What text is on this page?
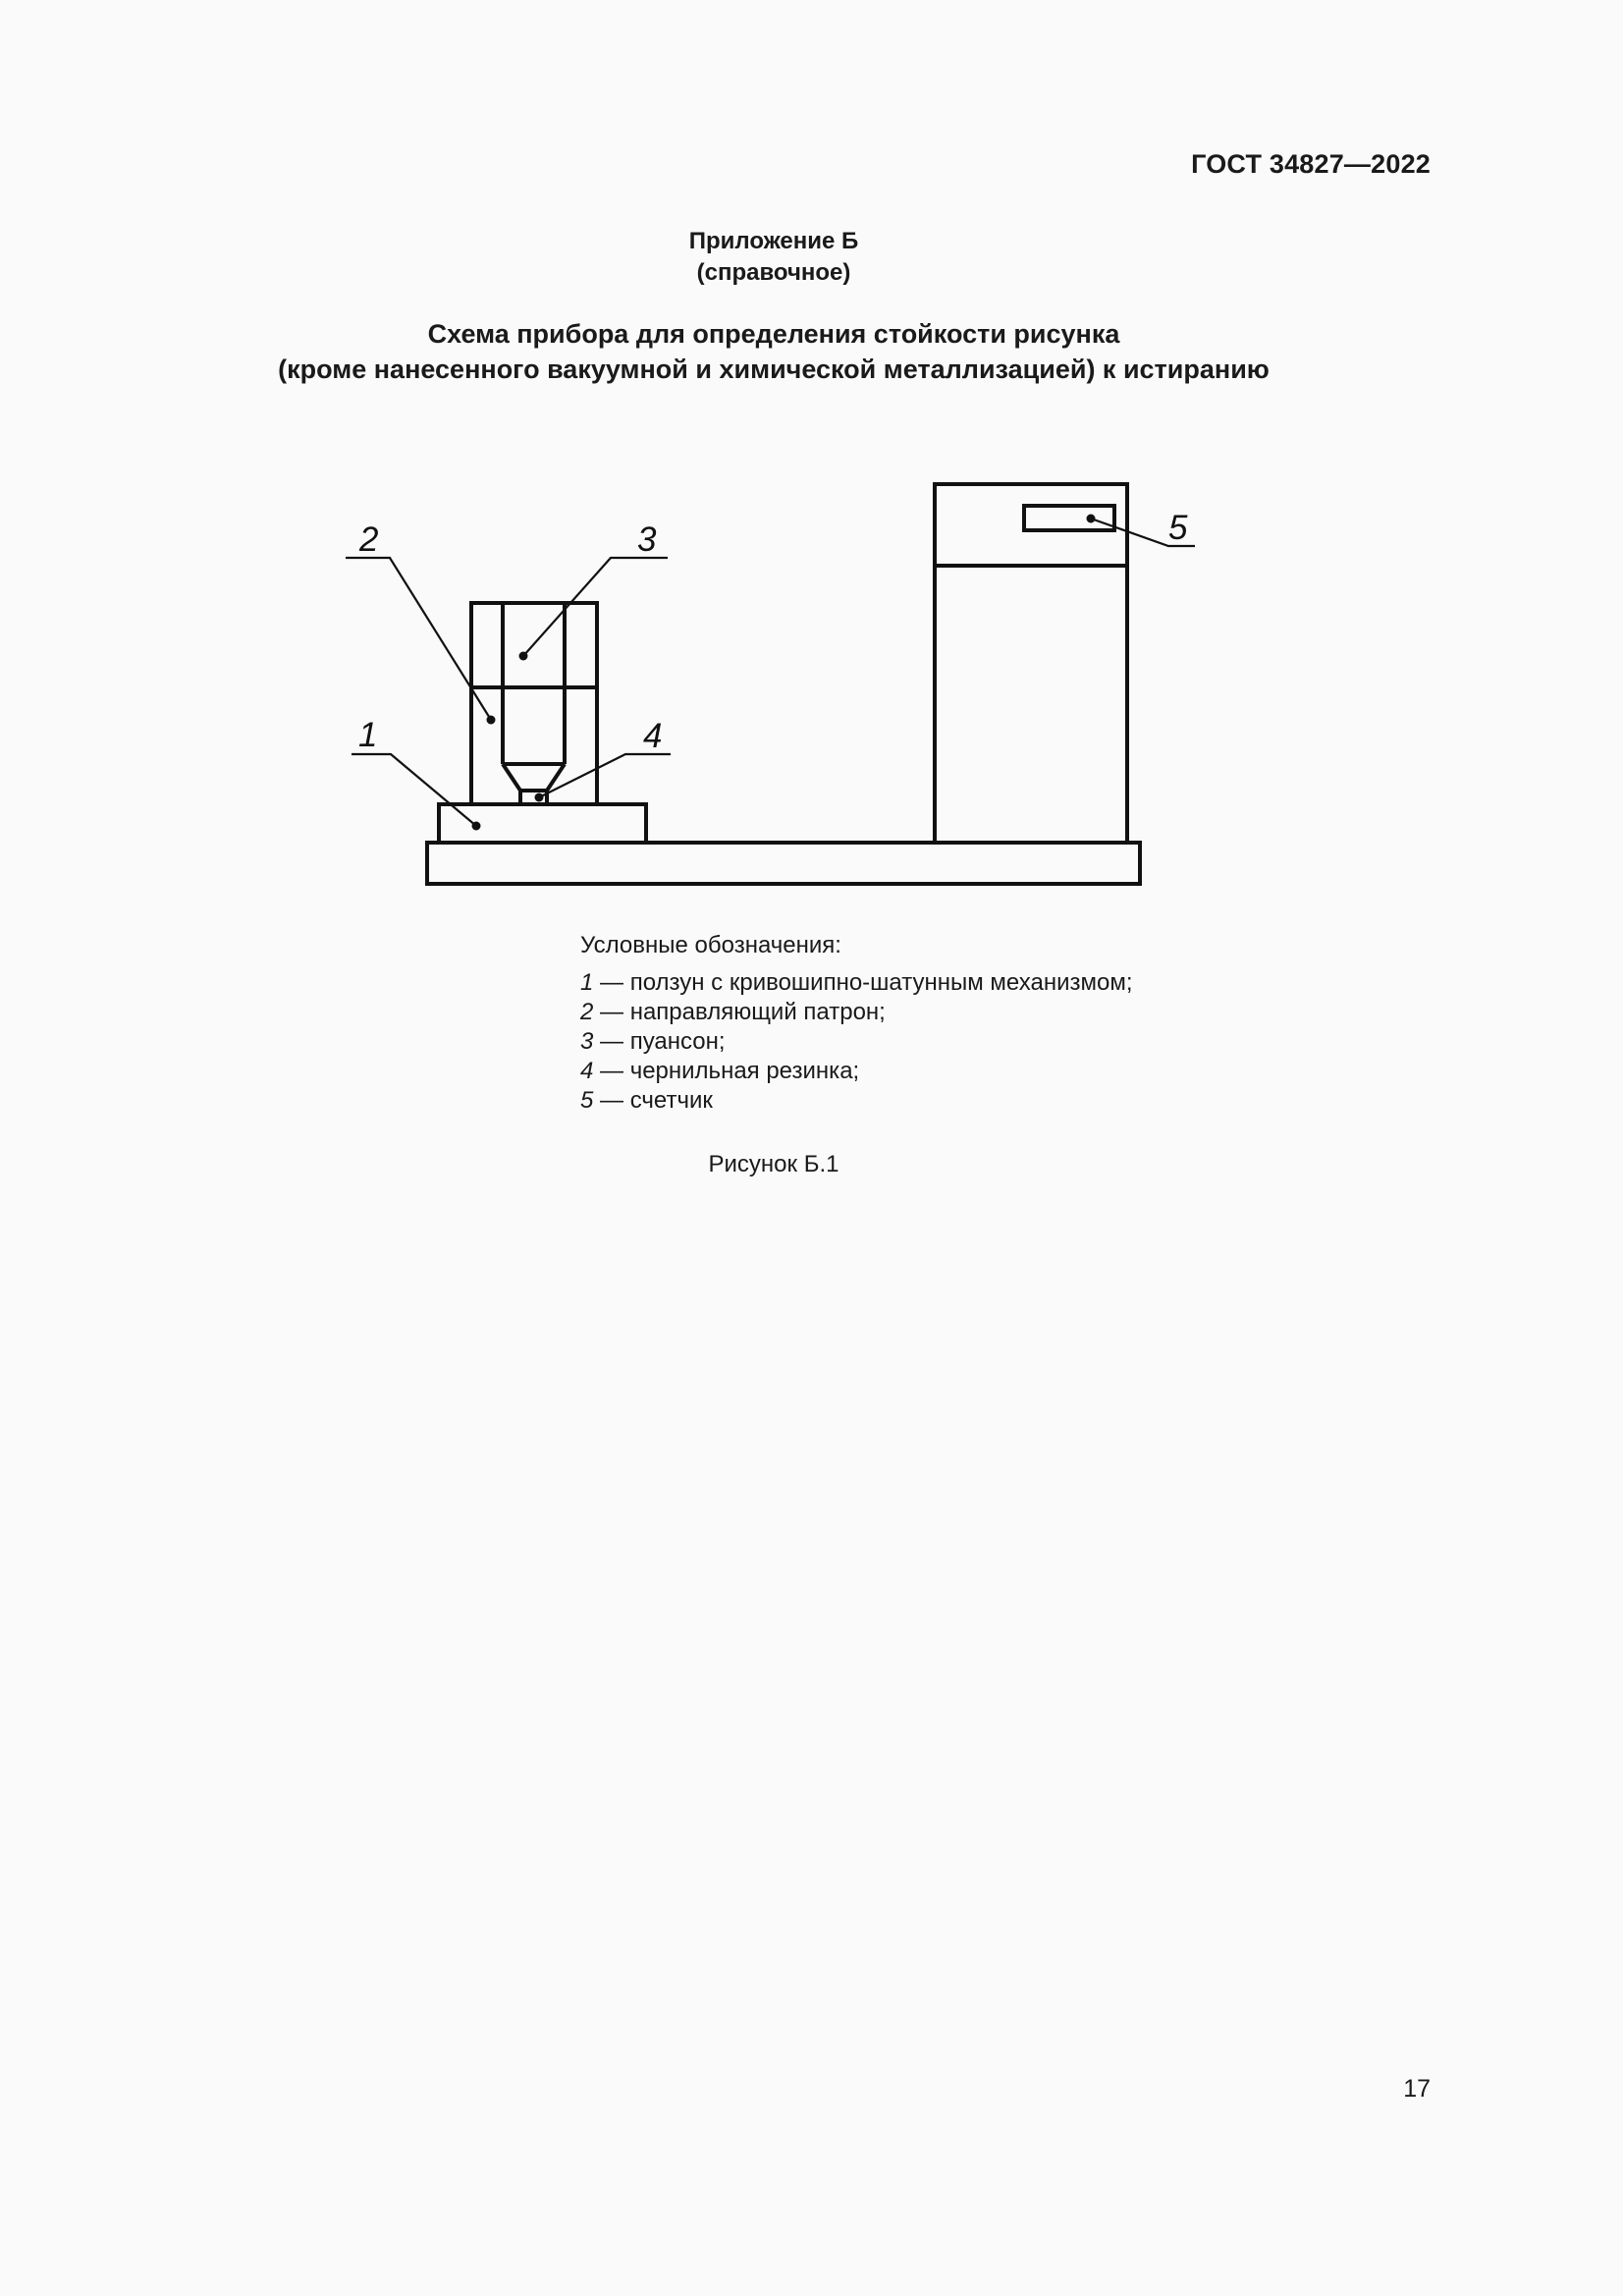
ГОСТ 34827—2022
Приложение Б
(справочное)
Схема прибора для определения стойкости рисунка
(кроме нанесенного вакуумной и химической металлизацией) к истиранию
1
2	3
4
5
Условные обозначения:
1 — ползун с кривошипно-шатунным механизмом;
2 — направляющий патрон;
3 — пуансон;
4 — чернильная резинка;
5 — счетчик
Рисунок Б.1
17
